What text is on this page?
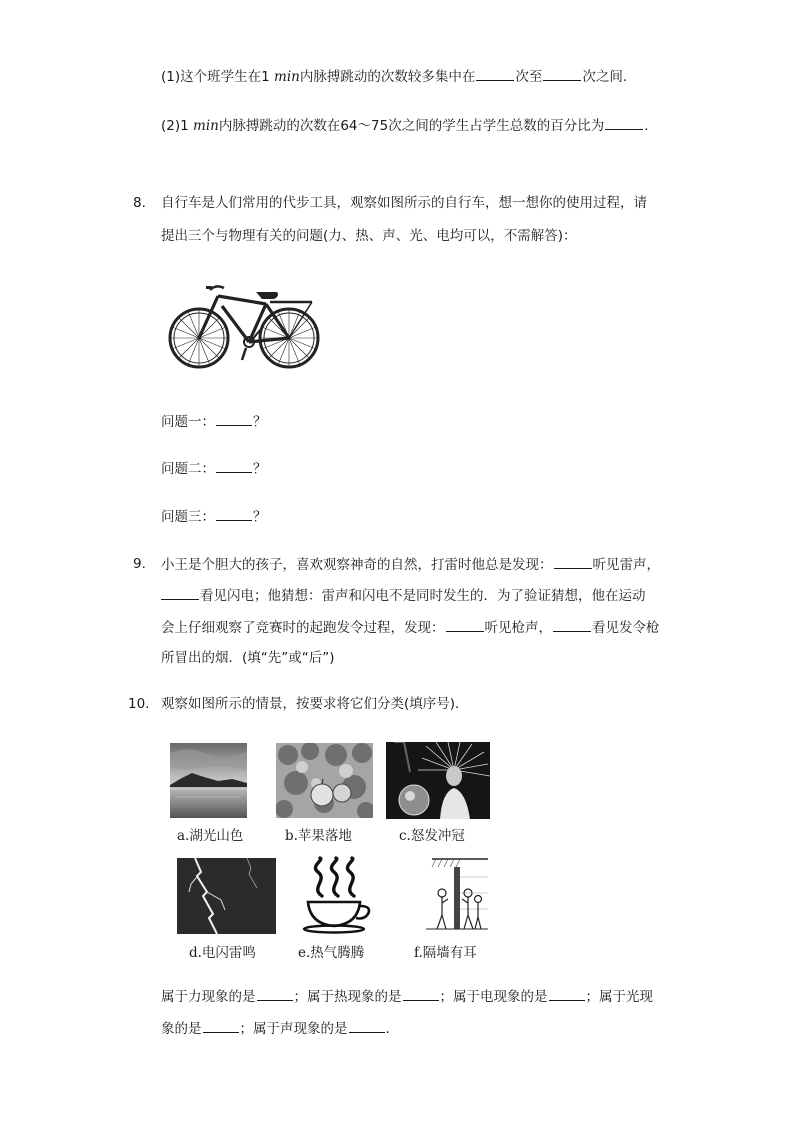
(1)这个班学生在1 min内脉搏跳动的次数较多集中在	次至	次之间.
(2)1 min内脉搏跳动的次数在64～75次之间的学生占学生总数的百分比为	.
8. 自行车是人们常用的代步工具，观察如图所示的自行车，想一想你的使用过程，请
提出三个与物理有关的问题(力、热、声、光、电均可以，不需解答)：
问题一：	？
问题二：	？
问题三：	？
9. 小王是个胆大的孩子，喜欢观察神奇的自然，打雷时他总是发现：	听见雷声，
看见闪电；他猜想：雷声和闪电不是同时发生的．为了验证猜想，他在运动
会上仔细观察了竞赛时的起跑发令过程，发现：	听见枪声，	看见发令枪
所冒出的烟．(填“先”或“后”)
10. 观察如图所示的情景，按要求将它们分类(填序号)．
a.湖光山色	b.苹果落地	c.怒发冲冠
d.电闪雷鸣	e.热气腾腾	f.隔墙有耳
属于力现象的是	；属于热现象的是	；属于电现象的是	；属于光现
象的是	；属于声现象的是	．
